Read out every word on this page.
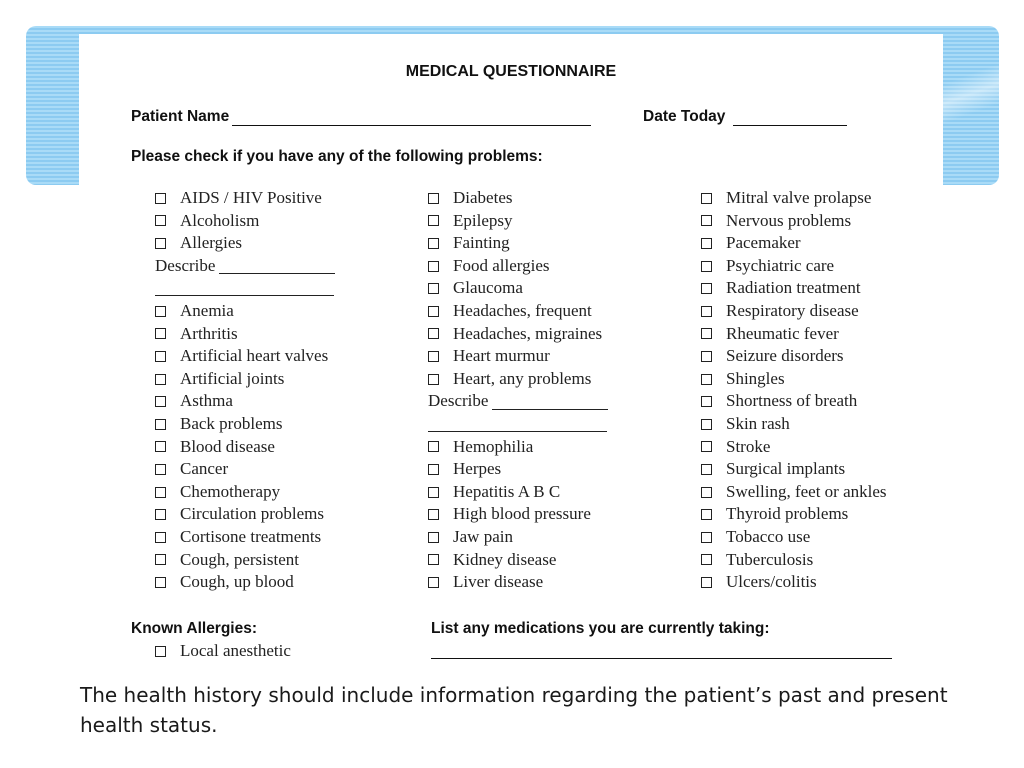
MEDICAL QUESTIONNAIRE
Patient Name	Date Today
Please check if you have any of the following problems:
AIDS / HIV Positive
Alcoholism
Allergies
Describe
Anemia
Arthritis
Artificial heart valves
Artificial joints
Asthma
Back problems
Blood disease
Cancer
Chemotherapy
Circulation problems
Cortisone treatments
Cough, persistent
Cough, up blood
Diabetes
Epilepsy
Fainting
Food allergies
Glaucoma
Headaches, frequent
Headaches, migraines
Heart murmur
Heart, any problems
Describe
Hemophilia
Herpes
Hepatitis A B C
High blood pressure
Jaw pain
Kidney disease
Liver disease
Mitral valve prolapse
Nervous problems
Pacemaker
Psychiatric care
Radiation treatment
Respiratory disease
Rheumatic fever
Seizure disorders
Shingles
Shortness of breath
Skin rash
Stroke
Surgical implants
Swelling, feet or ankles
Thyroid problems
Tobacco use
Tuberculosis
Ulcers/colitis
Known Allergies:
Local anesthetic
List any medications you are currently taking:
The health history should include information regarding the patient’s past and present health status.
